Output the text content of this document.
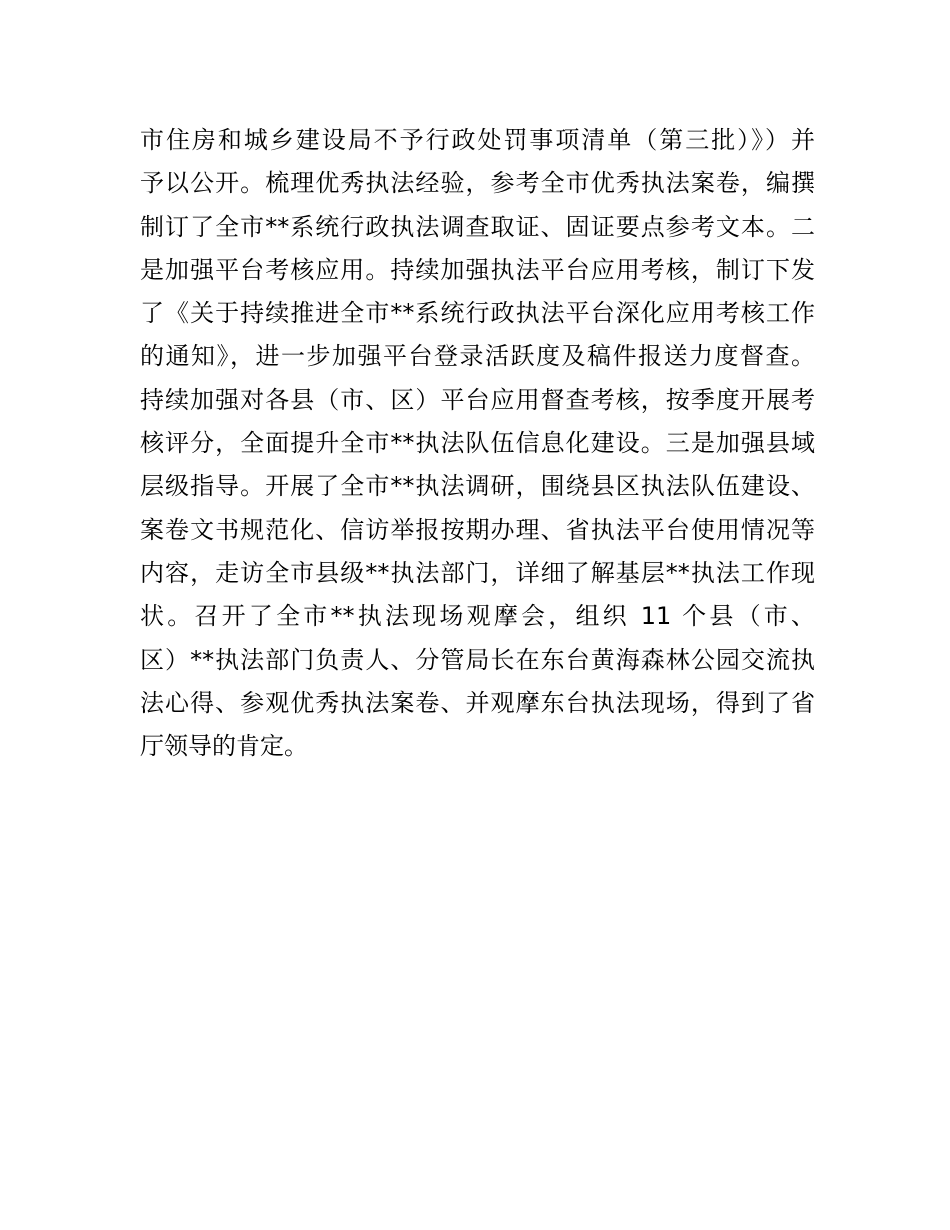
市住房和城乡建设局不予行政处罚事项清单（第三批）》）并
予以公开。梳理优秀执法经验，参考全市优秀执法案卷，编撰
制订了全市**系统行政执法调查取证、固证要点参考文本。二
是加强平台考核应用。持续加强执法平台应用考核，制订下发
了《关于持续推进全市**系统行政执法平台深化应用考核工作
的通知》，进一步加强平台登录活跃度及稿件报送力度督查。
持续加强对各县（市、区）平台应用督查考核，按季度开展考
核评分，全面提升全市**执法队伍信息化建设。三是加强县域
层级指导。开展了全市**执法调研，围绕县区执法队伍建设、
案卷文书规范化、信访举报按期办理、省执法平台使用情况等
内容，走访全市县级**执法部门，详细了解基层**执法工作现
状。召开了全市**执法现场观摩会，组织 11 个县（市、
区）**执法部门负责人、分管局长在东台黄海森林公园交流执
法心得、参观优秀执法案卷、并观摩东台执法现场，得到了省
厅领导的肯定。
